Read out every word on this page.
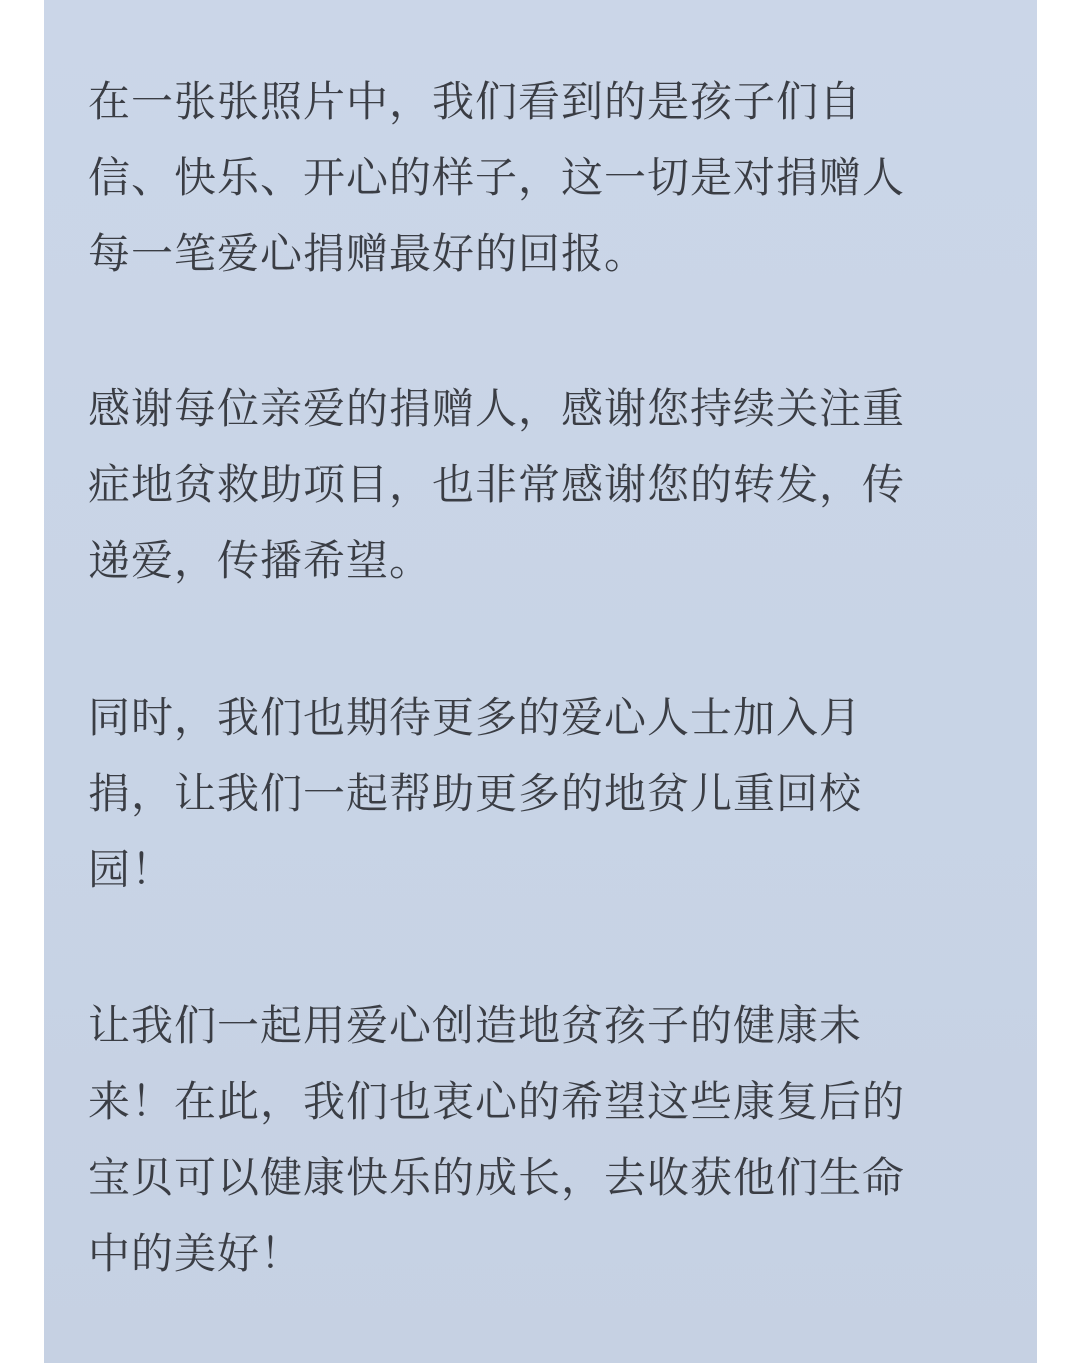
在一张张照片中，我们看到的是孩子们自
信、快乐、开心的样子，这一切是对捐赠人
每一笔爱心捐赠最好的回报。
感谢每位亲爱的捐赠人，感谢您持续关注重
症地贫救助项目，也非常感谢您的转发，传
递爱，传播希望。
同时，我们也期待更多的爱心人士加入月
捐，让我们一起帮助更多的地贫儿重回校
园！
让我们一起用爱心创造地贫孩子的健康未
来！在此，我们也衷心的希望这些康复后的
宝贝可以健康快乐的成长，去收获他们生命
中的美好！
